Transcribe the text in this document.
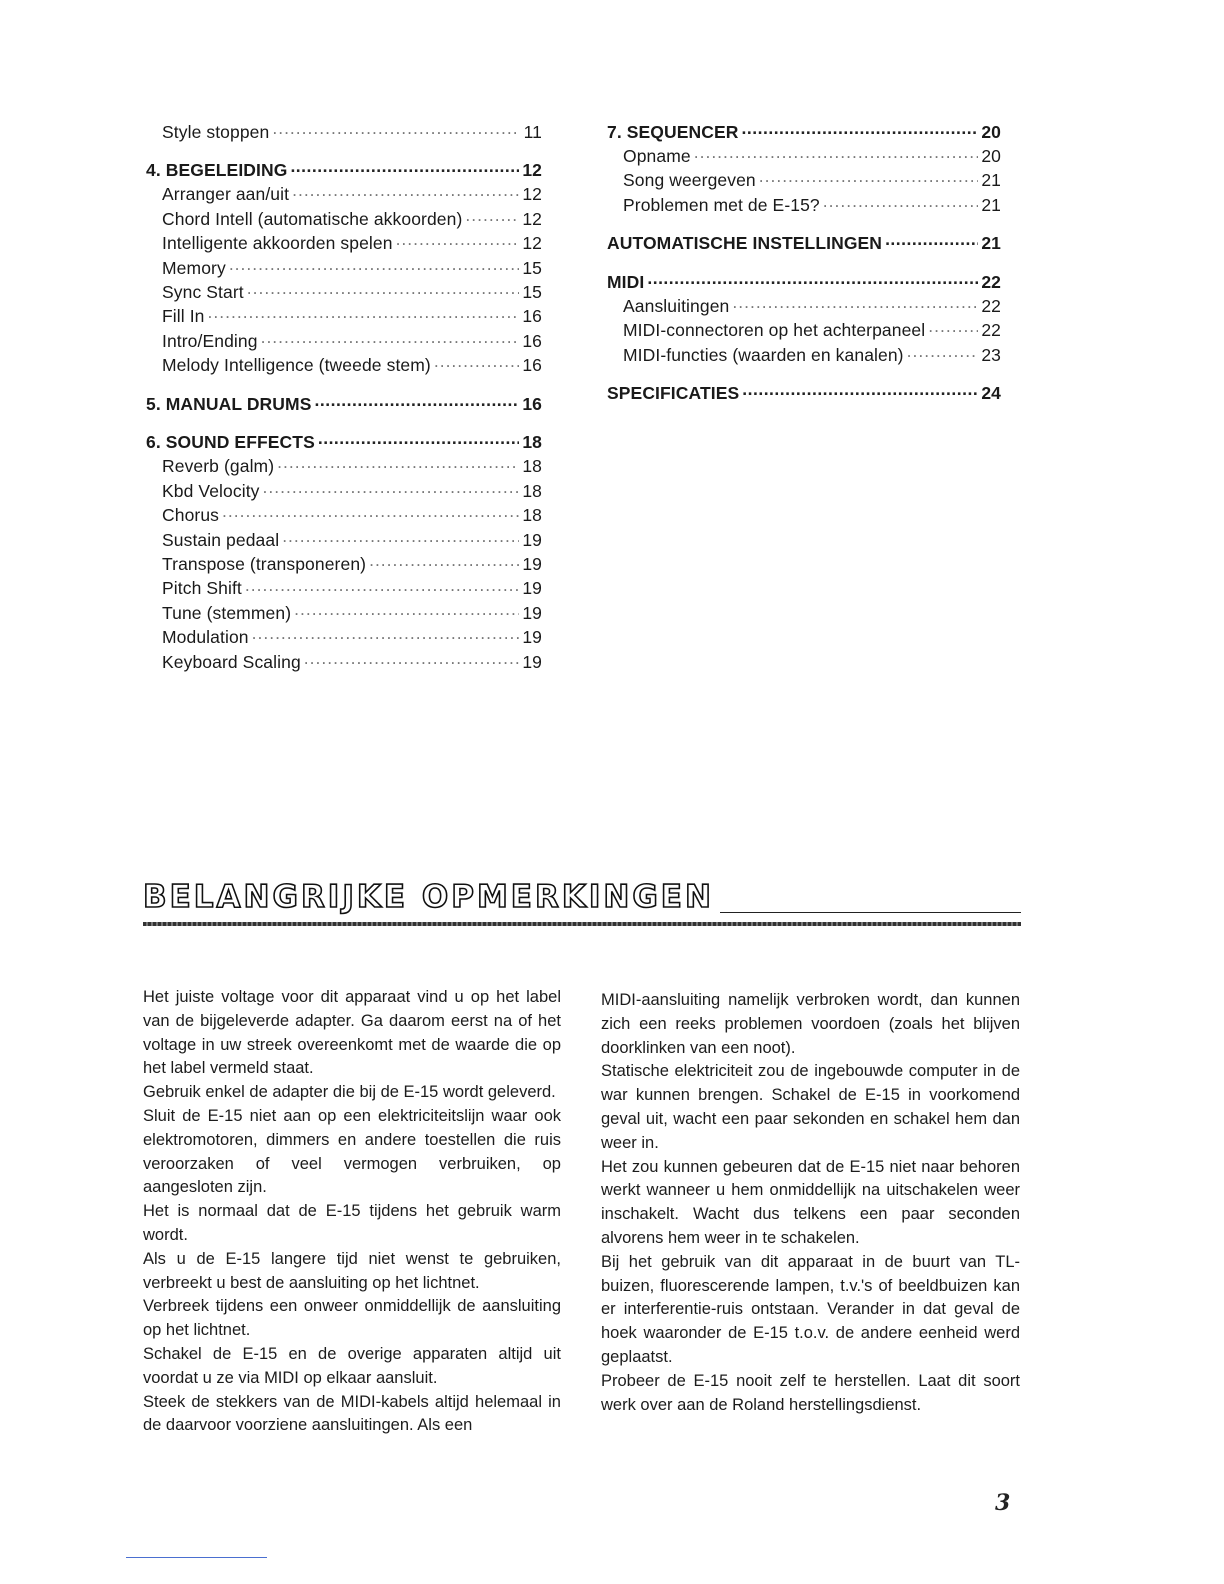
Style stoppen .....	11
4. BEGELEIDING .....	12
Arranger aan/uit .....	12
Chord Intell (automatische akkoorden) .....	12
Intelligente akkoorden spelen .....	12
Memory .....	15
Sync Start .....	15
Fill In .....	16
Intro/Ending .....	16
Melody Intelligence (tweede stem) .....	16
5. MANUAL DRUMS .....	16
6. SOUND EFFECTS .....	18
Reverb (galm) .....	18
Kbd Velocity .....	18
Chorus .....	18
Sustain pedaal .....	19
Transpose (transponeren) .....	19
Pitch Shift .....	19
Tune (stemmen) .....	19
Modulation .....	19
Keyboard Scaling .....	19
7. SEQUENCER .....	20
Opname .....	20
Song weergeven .....	21
Problemen met de E-15? .....	21
AUTOMATISCHE INSTELLINGEN .....	21
MIDI .....	22
Aansluitingen .....	22
MIDI-connectoren op het achterpaneel .....	22
MIDI-functies (waarden en kanalen) .....	23
SPECIFICATIES .....	24
BELANGRIJKE OPMERKINGEN

Het juiste voltage voor dit apparaat vind u op het label van de bijgeleverde adapter. Ga daarom eerst na of het voltage in uw streek overeenkomt met de waarde die op het label vermeld staat.

Gebruik enkel de adapter die bij de E-15 wordt geleverd.

Sluit de E-15 niet aan op een elektriciteitslijn waar ook elektromotoren, dimmers en andere toestellen die ruis veroorzaken of veel vermogen verbruiken, op aangesloten zijn.

Het is normaal dat de E-15 tijdens het gebruik warm wordt.

Als u de E-15 langere tijd niet wenst te gebruiken, verbreekt u best de aansluiting op het lichtnet.

Verbreek tijdens een onweer onmiddellijk de aansluiting op het lichtnet.

Schakel de E-15 en de overige apparaten altijd uit voordat u ze via MIDI op elkaar aansluit.

Steek de stekkers van de MIDI-kabels altijd helemaal in de daarvoor voorziene aansluitingen. Als een

MIDI-aansluiting namelijk verbroken wordt, dan kunnen zich een reeks problemen voordoen (zoals het blijven doorklinken van een noot).

Statische elektriciteit zou de ingebouwde computer in de war kunnen brengen. Schakel de E-15 in voorkomend geval uit, wacht een paar sekonden en schakel hem dan weer in.

Het zou kunnen gebeuren dat de E-15 niet naar behoren werkt wanneer u hem onmiddellijk na uitschakelen weer inschakelt. Wacht dus telkens een paar seconden alvorens hem weer in te schakelen.

Bij het gebruik van dit apparaat in de buurt van TL-buizen, fluorescerende lampen, t.v.'s of beeldbuizen kan er interferentie-ruis ontstaan. Verander in dat geval de hoek waaronder de E-15 t.o.v. de andere eenheid werd geplaatst.

Probeer de E-15 nooit zelf te herstellen. Laat dit soort werk over aan de Roland herstellingsdienst.

3
